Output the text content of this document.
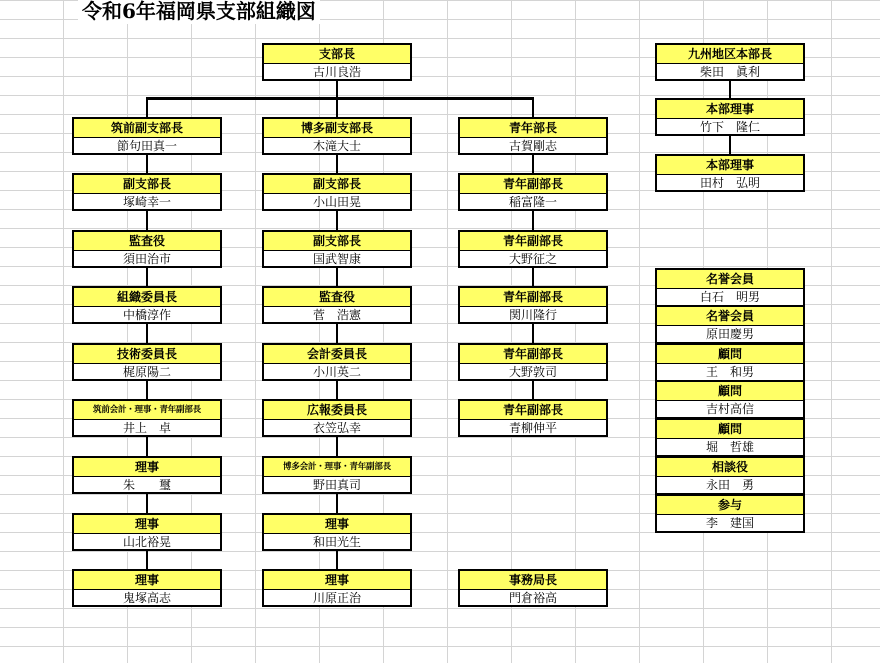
令和6年福岡県支部組織図
支部長
古川良浩
筑前副支部長
節句田真一
副支部長
塚崎幸一
監査役
須田治市
組織委員長
中橋淳作
技術委員長
梶原陽二
筑前会計・理事・青年副部長
井上　卓
理事
朱　　璽
理事
山北裕晃
理事
鬼塚高志
博多副支部長
木滝大士
副支部長
小山田晃
副支部長
国武智康
監査役
菅　浩憲
会計委員長
小川英二
広報委員長
衣笠弘幸
博多会計・理事・青年副部長
野田真司
理事
和田光生
理事
川原正治
青年部長
古賀剛志
青年副部長
稲富隆一
青年副部長
大野征之
青年副部長
関川隆行
青年副部長
大野敦司
青年副部長
青柳伸平
事務局長
門倉裕高
九州地区本部長
柴田　眞利
本部理事
竹下　隆仁
本部理事
田村　弘明
名誉会員
白石　明男
名誉会員
原田慶男
顧問
王　和男
顧問
吉村高信
顧問
堀　哲雄
相談役
永田　勇
参与
李　建国
